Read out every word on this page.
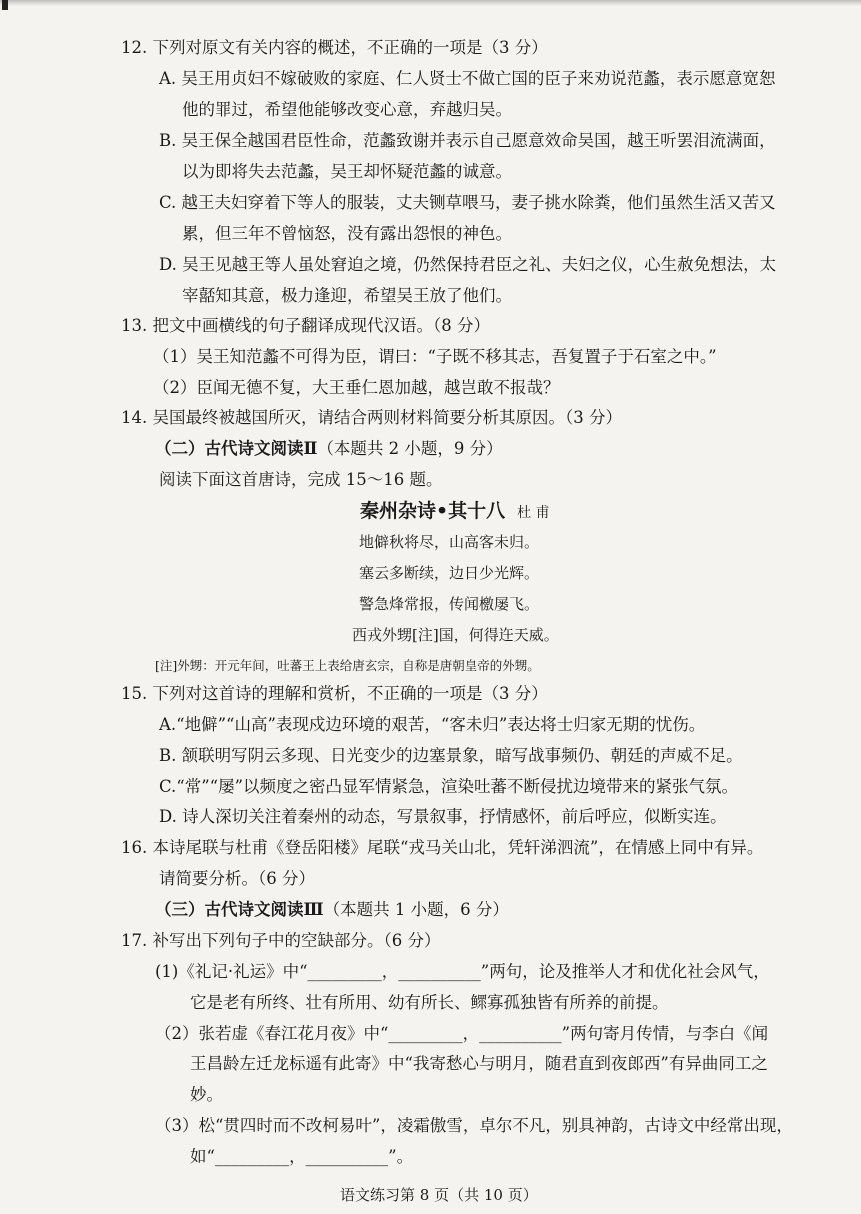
12. 下列对原文有关内容的概述，不正确的一项是（3 分）
A. 吴王用贞妇不嫁破败的家庭、仁人贤士不做亡国的臣子来劝说范蠡，表示愿意宽恕
他的罪过，希望他能够改变心意，弃越归吴。
B. 吴王保全越国君臣性命，范蠡致谢并表示自己愿意效命吴国，越王听罢泪流满面，
以为即将失去范蠡，吴王却怀疑范蠡的诚意。
C. 越王夫妇穿着下等人的服装，丈夫铡草喂马，妻子挑水除粪，他们虽然生活又苦又
累，但三年不曾恼怒，没有露出怨恨的神色。
D. 吴王见越王等人虽处窘迫之境，仍然保持君臣之礼、夫妇之仪，心生赦免想法，太
宰嚭知其意，极力逢迎，希望吴王放了他们。
13. 把文中画横线的句子翻译成现代汉语。（8 分）
（1）吴王知范蠡不可得为臣，谓曰：“子既不移其志，吾复置子于石室之中。”
（2）臣闻无德不复，大王垂仁恩加越，越岂敢不报哉？
14. 吴国最终被越国所灭，请结合两则材料简要分析其原因。（3 分）
（二）古代诗文阅读Ⅱ（本题共 2 小题，9 分）
阅读下面这首唐诗，完成 15～16 题。
秦州杂诗•其十八 杜 甫
地僻秋将尽，山高客未归。
塞云多断续，边日少光辉。
警急烽常报，传闻檄屡飞。
西戎外甥[注]国，何得迕天威。
[注]外甥：开元年间，吐蕃王上表给唐玄宗，自称是唐朝皇帝的外甥。
15. 下列对这首诗的理解和赏析，不正确的一项是（3 分）
A.“地僻”“山高”表现戍边环境的艰苦，“客未归”表达将士归家无期的忧伤。
B. 颔联明写阴云多现、日光变少的边塞景象，暗写战事频仍、朝廷的声威不足。
C.“常”“屡”以频度之密凸显军情紧急，渲染吐蕃不断侵扰边境带来的紧张气氛。
D. 诗人深切关注着秦州的动态，写景叙事，抒情感怀，前后呼应，似断实连。
16. 本诗尾联与杜甫《登岳阳楼》尾联“戎马关山北，凭轩涕泗流”，在情感上同中有异。
请简要分析。（6 分）
（三）古代诗文阅读Ⅲ（本题共 1 小题，6 分）
17. 补写出下列句子中的空缺部分。（6 分）
(1)《礼记·礼运》中“_________，__________”两句，论及推举人才和优化社会风气，
它是老有所终、壮有所用、幼有所长、鳏寡孤独皆有所养的前提。
（2）张若虚《春江花月夜》中“_________，__________”两句寄月传情，与李白《闻
王昌龄左迁龙标遥有此寄》中“我寄愁心与明月，随君直到夜郎西”有异曲同工之
妙。
（3）松“贯四时而不改柯易叶”，凌霜傲雪，卓尔不凡，别具神韵，古诗文中经常出现，
如“_________，__________”。
语文练习第 8 页（共 10 页）
